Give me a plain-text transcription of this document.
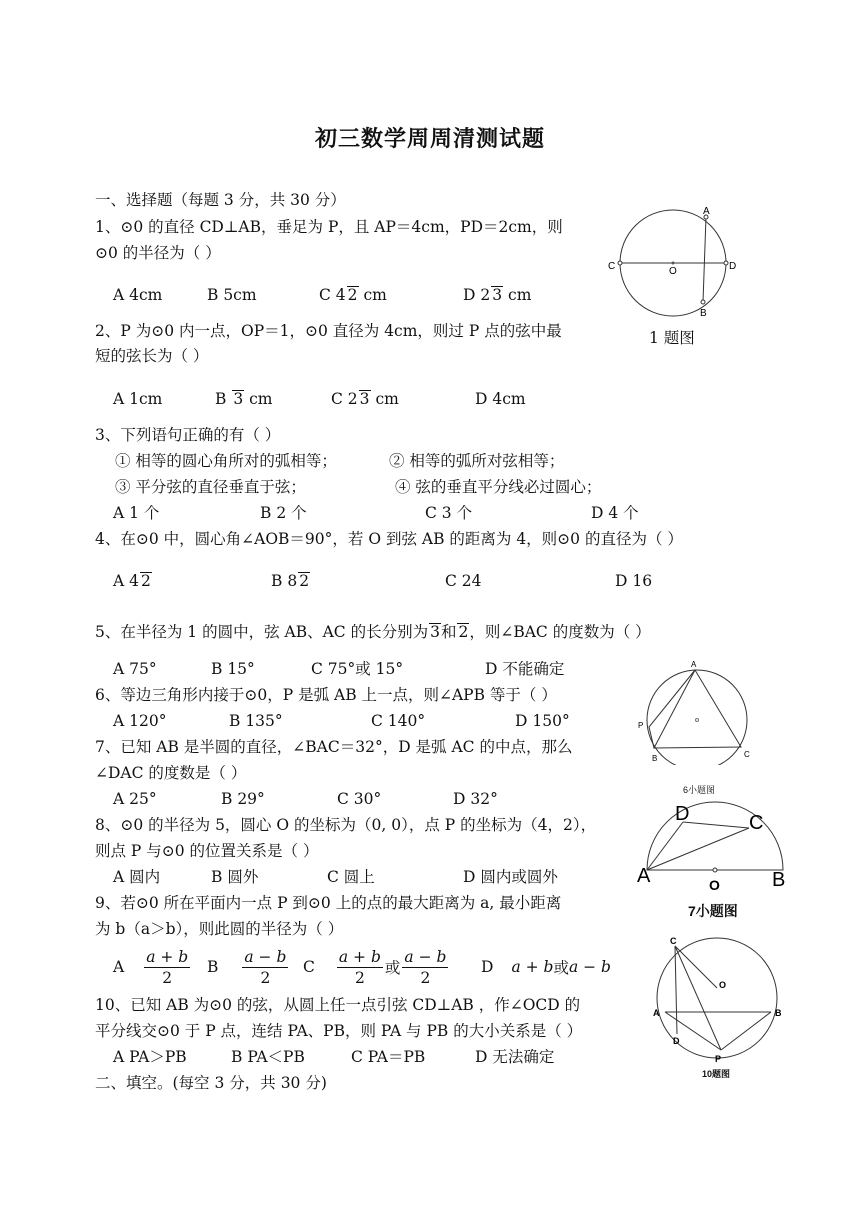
初三数学周周清测试题
一、选择题（每题 3 分，共 30 分）
1、⊙0 的直径 CD⊥AB，垂足为 P，且 AP＝4cm，PD＝2cm，则
⊙0 的半径为（ ）
A 4cm	B 5cm	C 4 2 cm	D 2 3 cm
2、P 为⊙0 内一点，OP＝1，⊙0 直径为 4cm，则过 P 点的弦中最
短的弦长为（ ）
A 1cm	B 3 cm	C 2 3 cm	D 4cm
3、下列语句正确的有（ ）
① 相等的圆心角所对的弧相等；	② 相等的弧所对弦相等；
③ 平分弦的直径垂直于弦；	④ 弦的垂直平分线必过圆心；
A 1 个	B 2 个	C 3 个	D 4 个
4、在⊙0 中，圆心角∠AOB＝90°，若 O 到弦 AB 的距离为 4，则⊙0 的直径为（ ）
A 4 2	B 8 2	C 24	D 16
5、在半径为 1 的圆中，弦 AB、AC 的长分别为 3和 2，则∠BAC 的度数为（ ）
A 75°	B 15°	C 75°或 15°	D 不能确定
6、等边三角形内接于⊙0，P 是弧 AB 上一点，则∠APB 等于（ ）
A 120°	B 135°	C 140°	D 150°
7、已知 AB 是半圆的直径，∠BAC＝32°，D 是弧 AC 的中点，那么
∠DAC 的度数是（ ）
A 25°	B 29°	C 30°	D 32°
8、⊙0 的半径为 5，圆心 O 的坐标为（0, 0），点 P 的坐标为（4，2），
则点 P 与⊙0 的位置关系是（ ）
A 圆内	B 圆外	C 圆上	D 圆内或圆外
9、若⊙0 所在平面内一点 P 到⊙0 上的点的最大距离为 a, 最小距离
为 b（a＞b），则此圆的半径为（ ）
A $\frac{a + b}{2}$ B $\frac{a - b}{2}$ C $\frac{a + b}{2}$ 或 $\frac{a - b}{2}$ D a + b 或 a − b
10、已知 AB 为⊙0 的弦，从圆上任一点引弦 CD⊥AB ，作∠OCD 的
平分线交⊙0 于 P 点，连结 PA、PB，则 PA 与 PB 的大小关系是（ ）
A PA＞PB	B PA＜PB	C PA＝PB	D 无法确定
二、填空。(每空 3 分，共 30 分)
A
B
C	D
O
1 题图
A
B	C
P
6小题图
D	C
A	B
O
7小题图
C
O
A	B
D
P
10题图
